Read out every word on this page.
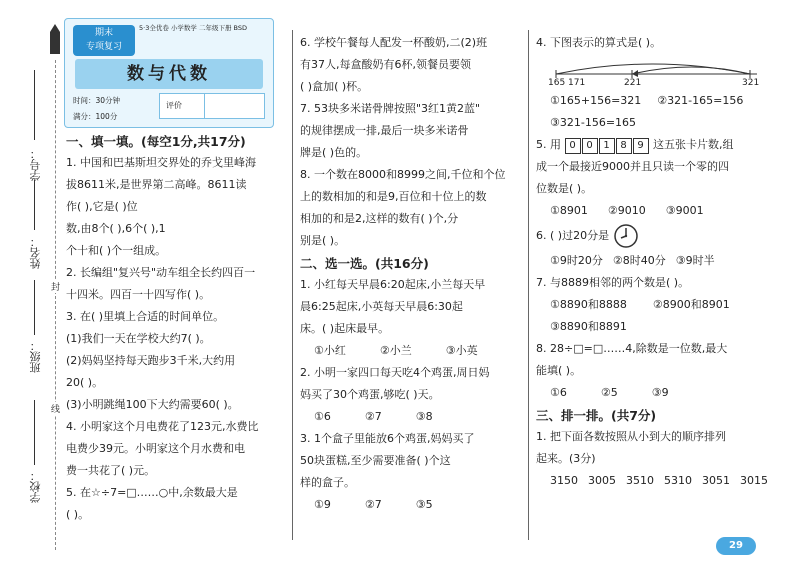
学号：
姓名：
班级：
学校：
封
线
期末
专项复习
5·3全优卷 小学数学 二年级下册 BSD
数与代数
时间：30分钟
满分：100分
评价
一、填一填。(每空1分,共17分)
1. 中国和巴基斯坦交界处的乔戈里峰海
拔8611米,是世界第二高峰。8611读
作( ),它是( )位
数,由8个( ),6个( ),1
个十和( )个一组成。
2. 长编组"复兴号"动车组全长约四百一
十四米。四百一十四写作( )。
3. 在( )里填上合适的时间单位。
(1)我们一天在学校大约7( )。
(2)妈妈坚持每天跑步3千米,大约用
20( )。
(3)小明跳绳100下大约需要60( )。
4. 小明家这个月电费花了123元,水费比
电费少39元。小明家这个月水费和电
费一共花了( )元。
5. 在☆÷7=□……○中,余数最大是
( )。
6. 学校午餐每人配发一杯酸奶,二(2)班
有37人,每盒酸奶有6杯,领餐员要领
( )盒加( )杯。
7. 53块多米诺骨牌按照"3红1黄2蓝"
的规律摆成一排,最后一块多米诺骨
牌是( )色的。
8. 一个数在8000和8999之间,千位和个位
上的数相加的和是9,百位和十位上的数
相加的和是2,这样的数有( )个,分
别是( )。
二、选一选。(共16分)
1. 小红每天早晨6:20起床,小兰每天早
晨6:25起床,小英每天早晨6:30起
床。( )起床最早。
①小红	②小兰	③小英
2. 小明一家四口每天吃4个鸡蛋,周日妈
妈买了30个鸡蛋,够吃( )天。
①6	②7	③8
3. 1个盒子里能放6个鸡蛋,妈妈买了
50块蛋糕,至少需要准备( )个这
样的盒子。
①9	②7	③5
4. 下图表示的算式是( )。
165 171	221	321
①165+156=321 ②321-165=156
③321-156=165
5. 用 0 0 1 8 9 这五张卡片数,组
成一个最接近9000并且只读一个零的四
位数是( )。
①8901 ②9010 ③9001
6. ( )过20分是
①9时20分 ②8时40分 ③9时半
7. 与8889相邻的两个数是( )。
①8890和8888 ②8900和8901
③8890和8891
8. 28÷□=□……4,除数是一位数,最大
能填( )。
①6	②5	③9
三、排一排。(共7分)
1. 把下面各数按照从小到大的顺序排列
起来。(3分)
3150 3005 3510 5310 3051 3015
29
